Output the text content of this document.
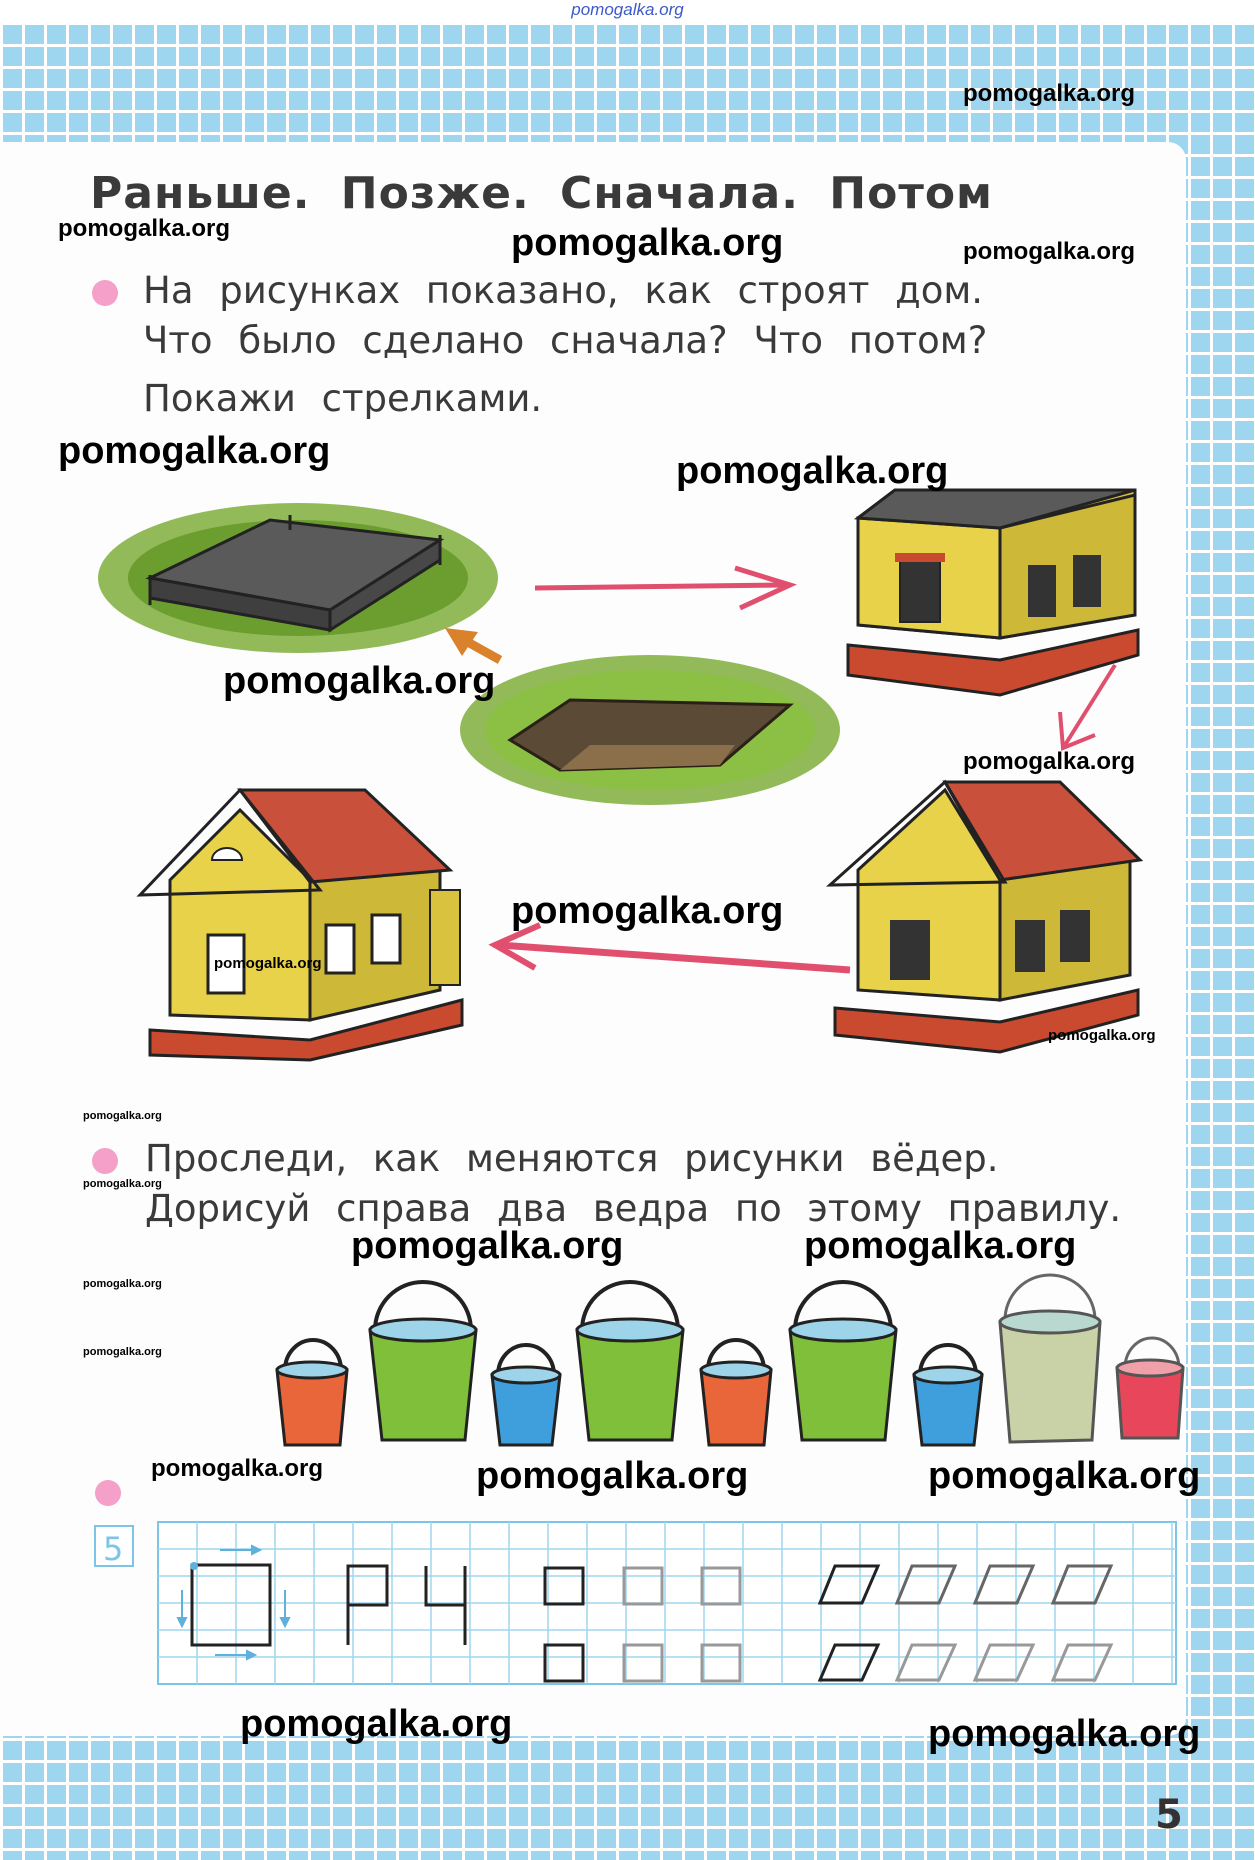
pomogalka.org
Раньше. Позже. Сначала. Потом
На рисунках показано, как строят дом.
Что было сделано сначала? Что потом?
Покажи стрелками.
Проследи, как меняются рисунки вёдер.
Дорисуй справа два ведра по этому правилу.
5
5
pomogalka.org
pomogalka.org	pomogalka.org	pomogalka.org
pomogalka.org	pomogalka.org
pomogalka.org
pomogalka.org
pomogalka.org
pomogalka.org
pomogalka.org
pomogalka.org
pomogalka.org
pomogalka.org	pomogalka.org
pomogalka.org
pomogalka.org
pomogalka.org	pomogalka.org	pomogalka.org
pomogalka.org	pomogalka.org
